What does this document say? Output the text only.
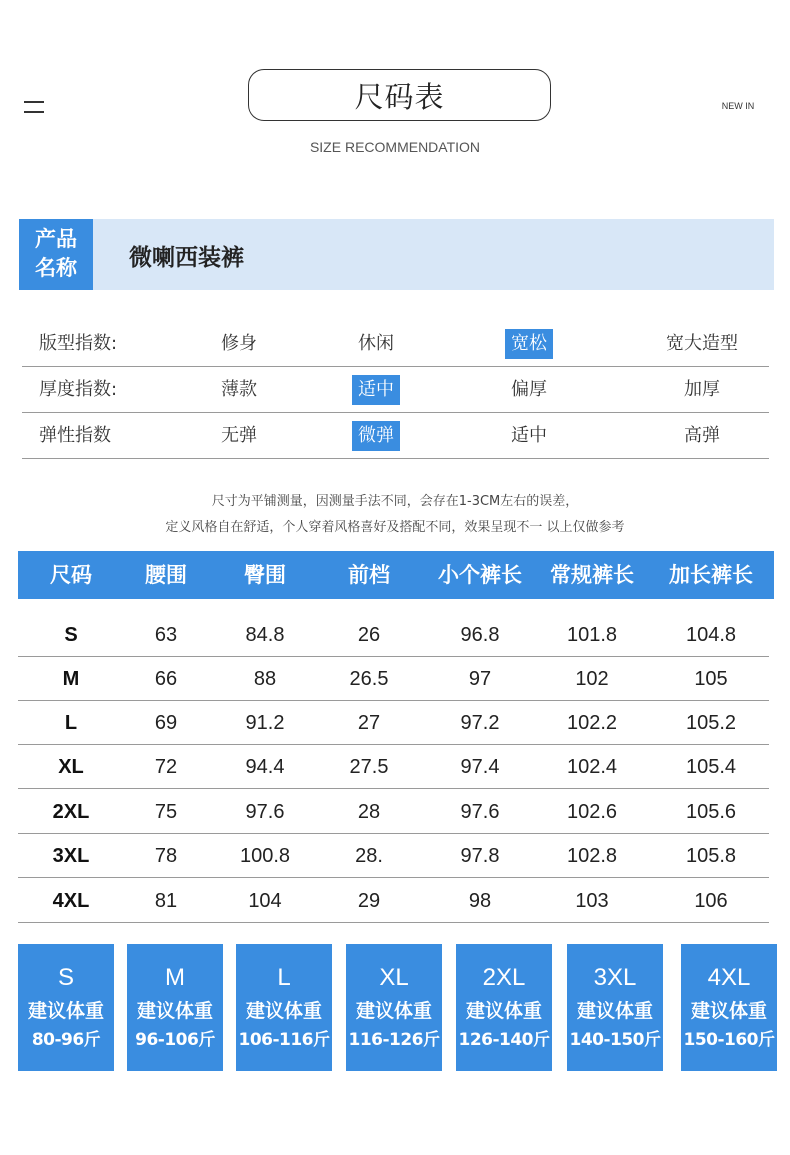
尺码表	NEW IN
SIZE RECOMMENDATION
产品
名称	微喇西装裤
版型指数:	修身	休闲	宽松	宽大造型
厚度指数:	薄款	适中	偏厚	加厚
弹性指数	无弹	微弹	适中	高弹
尺寸为平铺测量，因测量手法不同，会存在1-3CM左右的误差，
定义风格自在舒适，个人穿着风格喜好及搭配不同，效果呈现不一 以上仅做参考
尺码	腰围	臀围	前档 小个裤长 常规裤长 加长裤长
S	63	84.8	26	96.8	101.8	104.8
M	66	88	26.5	97	102	105
L	69	91.2	27	97.2	102.2	105.2
XL	72	94.4	27.5	97.4	102.4	105.4
2XL	75	97.6	28	97.6	102.6	105.6
3XL	78	100.8	28.	97.8	102.8	105.8
4XL	81	104	29	98	103	106
S
建议体重
80-96斤
M
建议体重
96-106斤
L
建议体重
106-116斤
XL
建议体重
116-126斤
2XL
建议体重
126-140斤
3XL
建议体重
140-150斤
4XL
建议体重
150-160斤
